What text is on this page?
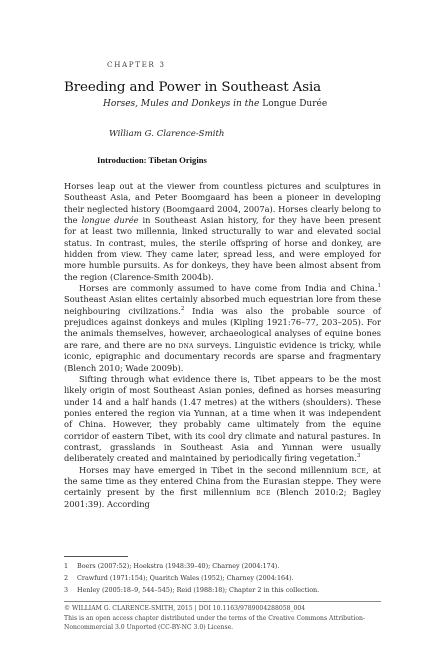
CHAPTER 3
Breeding and Power in Southeast Asia
Horses, Mules and Donkeys in the Longue Durée
William G. Clarence-Smith
Introduction: Tibetan Origins

Horses leap out at the viewer from countless pictures and sculptures in Southeast Asia, and Peter Boomgaard has been a pioneer in developing their neglected history (Boomgaard 2004, 2007a). Horses clearly belong to the longue durée in Southeast Asian history, for they have been present for at least two millennia, linked structurally to war and elevated social status. In contrast, mules, the sterile offspring of horse and donkey, are hidden from view. They came later, spread less, and were employed for more humble pursuits. As for donkeys, they have been almost absent from the region (Clarence-Smith 2004b).

Horses are commonly assumed to have come from India and China.$^1$ Southeast Asian elites certainly absorbed much equestrian lore from these neighbouring civilizations.$^2$ India was also the probable source of prejudices against donkeys and mules (Kipling 1921:76–77, 203–205). For the animals themselves, however, archaeological analyses of equine bones are rare, and there are no dna surveys. Linguistic evidence is tricky, while iconic, epigraphic and documentary records are sparse and fragmentary (Blench 2010; Wade 2009b).

Sifting through what evidence there is, Tibet appears to be the most likely origin of most Southeast Asian ponies, defined as horses measuring under 14 and a half hands (1.47 metres) at the withers (shoulders). These ponies entered the region via Yunnan, at a time when it was independent of China. However, they probably came ultimately from the equine corridor of eastern Tibet, with its cool dry climate and natural pastures. In contrast, grasslands in Southeast Asia and Yunnan were usually deliberately created and maintained by periodically firing vegetation.$^3$

Horses may have emerged in Tibet in the second millennium bce, at the same time as they entered China from the Eurasian steppe. They were certainly present by the first millennium bce (Blench 2010:2; Bagley 2001:39). According

1	Boers (2007:52); Hoekstra (1948:39–40); Charney (2004:174).
2	Crawfurd (1971:154); Quaritch Wales (1952); Charney (2004:164).
3	Henley (2005:18–9, 544–545); Reid (1988:18); Chapter 2 in this collection.
© WILLIAM G. CLARENCE-SMITH, 2015 | DOI 10.1163/9789004288058_004
This is an open access chapter distributed under the terms of the Creative Commons Attribution-
Noncommercial 3.0 Unported (CC-BY-NC 3.0) License.
